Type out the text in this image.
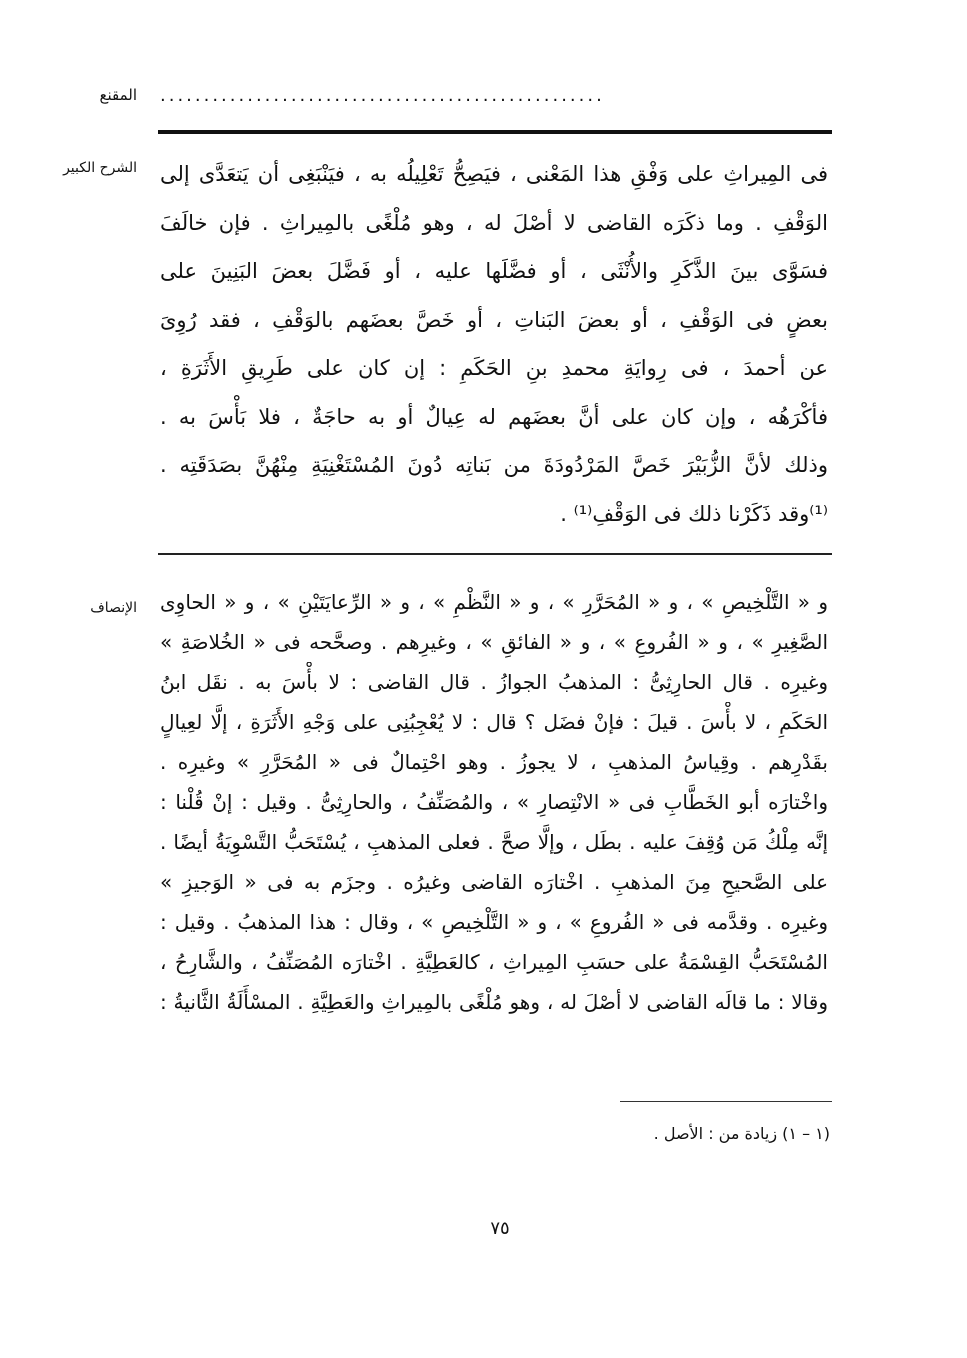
المقنع ...................................................
الشرح الكبير فى المِيراثِ على وَفْقِ هذا المَعْنى ، فيَصِحُّ تَعْلِيلُه به ، فيَنْبَغِى أن يَتعَدَّى إلى
الوَقْفِ . وما ذكَرَه القاضى لا أصْلَ له ، وهو مُلْغًى بالمِيراثِ . فإن خالَفَ
فسَوَّى بينَ الذَّكَرِ والأُنْثَى ، أو فضَّلَها عليه ، أو فَضَّلَ بعضَ البَنِينَ على
بعضٍ فى الوَقْفِ ، أو بعضَ البَناتِ ، أو خَصَّ بعضَهم بالوَقْفِ ، فقد رُوِىَ
عن أحمدَ ، فى رِوايَةِ محمدِ بنِ الحَكَمِ : إن كان على طَرِيقِ الأَثَرَةِ ،
فأكْرَهُه ، وإن كان على أنَّ بعضَهم له عِيالٌ أو به حاجَةٌ ، فلا بَأْسَ به .
وذلك لأنَّ الزُّبَيْرَ خَصَّ المَرْدُودَةَ من بَناتِه دُونَ المُسْتَغْنِيَةِ مِنْهُنَّ بصَدَقَتِه .
⁽¹⁾وقد ذَكَرْنا ذلك فى الوَقْفِ⁽¹⁾ .
الإنصاف و « التَّلْخِيصِ » ، و « المُحَرَّرِ » ، و « النَّظْمِ » ، و « الرِّعايَتَيْنِ » ، و « الحاوِى
الصَّغِيرِ » ، و « الفُروعِ » ، و « الفائقِ » ، وغيرِهم . وصحَّحه فى « الخُلاصَةِ »
وغيرِه . قال الحارِثِىُّ : المذهبُ الجوازُ . قال القاضى : لا بأْسَ به . نقَل ابنُ
الحَكَمِ ، لا بأْسَ . قيلَ : فإنْ فضَل ؟ قال : لا يُعْجِبُنِى على وَجْهِ الأَثَرَةِ ، إلَّا لعِيالٍ
بقَدْرِهم . وقِياسُ المذهبِ ، لا يجوزُ . وهو احْتِمالٌ فى « المُحَرَّرِ » وغيرِه .
واخْتارَه أبو الخَطَّابِ فى « الانْتِصارِ » ، والمُصَنِّفُ ، والحارِثِىُّ . وقيل : إنْ قُلْنا :
إنَّه مِلْكُ مَن وُقِفَ عليه . بطَل ، وإلَّا صحَّ . فعلى المذهبِ ، يُسْتَحَبُّ التَّسْوِيَةُ أيضًا .
على الصَّحيحِ مِنَ المذهبِ . اخْتارَه القاضى وغيرُه . وجزَم به فى « الوَجيزِ »
وغيرِه . وقدَّمه فى « الفُروعِ » ، و « التَّلْخِيصِ » ، وقال : هذا المذهبُ . وقيل :
المُسْتَحَبُّ القِسْمَةُ على حسَبِ المِيراثِ ، كالعَطِيَّةِ . اخْتارَه المُصَنِّفُ ، والشَّارِحُ ،
وقالا : ما قالَه القاضى لا أصْلَ له ، وهو مُلْغًى بالمِيراثِ والعَطِيَّةِ . المسْأَلَةُ الثَّانيةُ :
(١ – ١) زيادة من : الأصل .
٧٥
